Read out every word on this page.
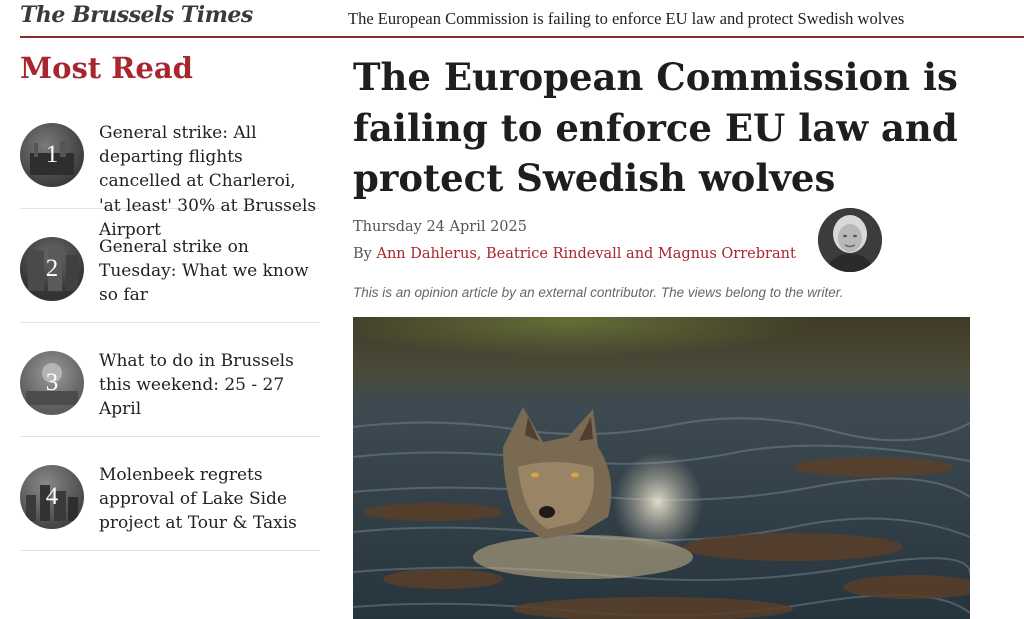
The Brussels Times	The European Commission is failing to enforce EU law and protect Swedish wolves
Most Read
1
General strike: All departing flights cancelled at Charleroi, 'at least' 30% at Brussels Airport
2
General strike on Tuesday: What we know so far
3
What to do in Brussels this weekend: 25 - 27 April
4
Molenbeek regrets approval of Lake Side project at Tour & Taxis
The European Commission is failing to enforce EU law and protect Swedish wolves
Thursday 24 April 2025
By Ann Dahlerus, Beatrice Rindevall and Magnus Orrebrant
This is an opinion article by an external contributor. The views belong to the writer.
